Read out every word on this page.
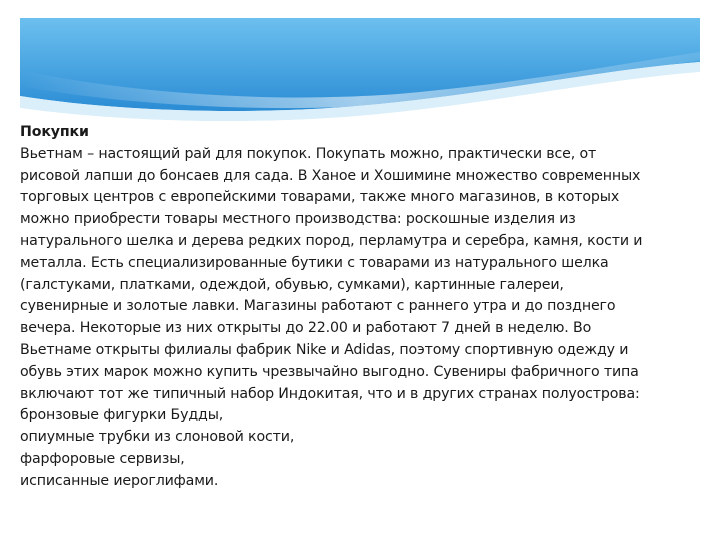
Покупки
Вьетнам – настоящий рай для покупок. Покупать можно, практически все, от
рисовой лапши до бонсаев для сада. В Ханое и Хошимине множество современных
торговых центров с европейскими товарами, также много магазинов, в которых
можно приобрести товары местного производства: роскошные изделия из
натурального шелка и дерева редких пород, перламутра и серебра, камня, кости и
металла. Есть специализированные бутики с товарами из натурального шелка
(галстуками, платками, одеждой, обувью, сумками), картинные галереи,
сувенирные и золотые лавки. Магазины работают с раннего утра и до позднего
вечера. Некоторые из них открыты до 22.00 и работают 7 дней в неделю. Во
Вьетнаме открыты филиалы фабрик Nike и Adidas, поэтому спортивную одежду и
обувь этих марок можно купить чрезвычайно выгодно. Сувениры фабричного типа
включают тот же типичный набор Индокитая, что и в других странах полуострова:
бронзовые фигурки Будды,
опиумные трубки из слоновой кости,
фарфоровые сервизы,
исписанные иероглифами.
